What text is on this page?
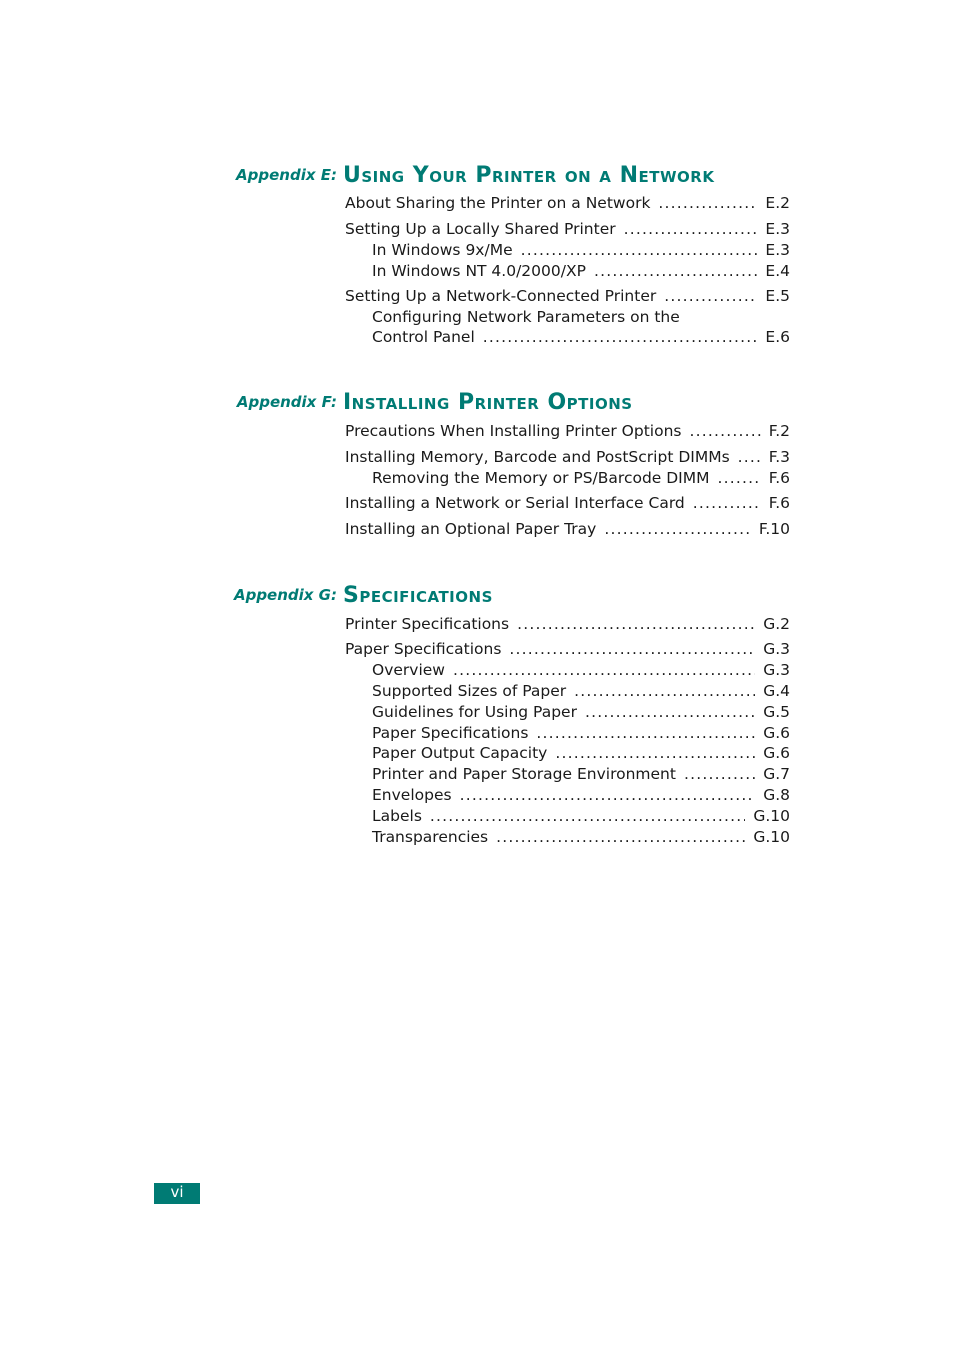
Appendix E: Using Your Printer on a Network
About Sharing the Printer on a Network .....	E.2
Setting Up a Locally Shared Printer .....	E.3
In Windows 9x/Me .....	E.3
In Windows NT 4.0/2000/XP .....	E.4
Setting Up a Network-Connected Printer .....	E.5
Configuring Network Parameters on the
Control Panel .....	E.6
Appendix F: Installing Printer Options
Precautions When Installing Printer Options .....	F.2
Installing Memory, Barcode and PostScript DIMMs .....	F.3
Removing the Memory or PS/Barcode DIMM .....	F.6
Installing a Network or Serial Interface Card .....	F.6
Installing an Optional Paper Tray .....	F.10
Appendix G: Specifications
Printer Specifications .....	G.2
Paper Specifications .....	G.3
Overview .....	G.3
Supported Sizes of Paper .....	G.4
Guidelines for Using Paper .....	G.5
Paper Specifications .....	G.6
Paper Output Capacity .....	G.6
Printer and Paper Storage Environment .....	G.7
Envelopes .....	G.8
Labels .....	G.10
Transparencies .....	G.10
vi
